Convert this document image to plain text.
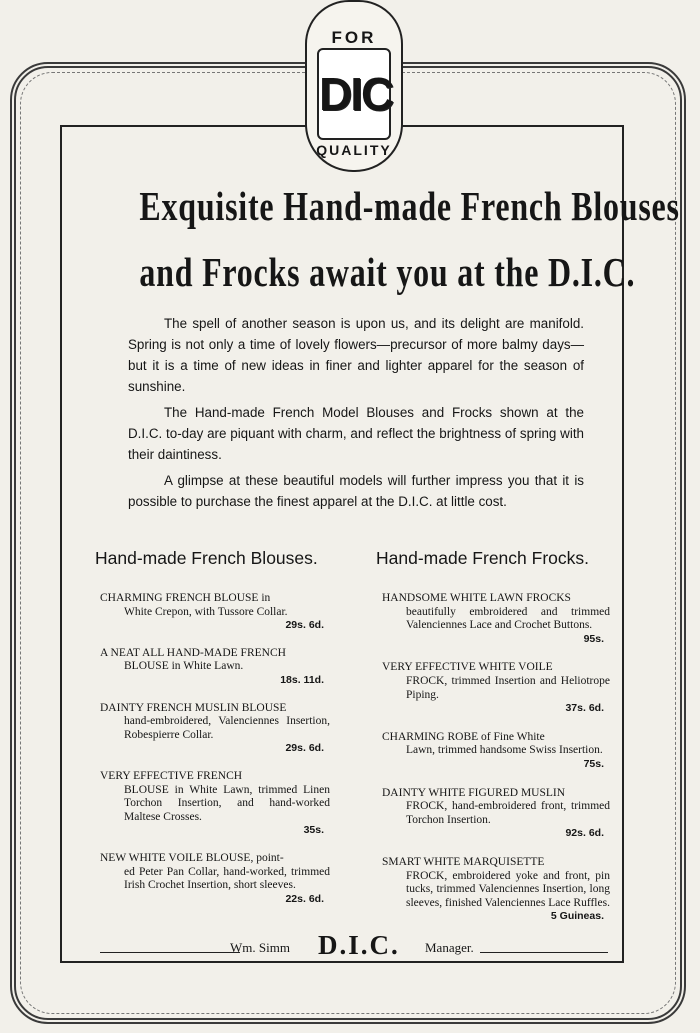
FOR
DIC
QUALITY
Exquisite Hand-made French Blouses
and Frocks await you at the D.I.C.

The spell of another season is upon us, and its delight are manifold. Spring is not only a time of lovely flowers—precursor of more balmy days—but it is a time of new ideas in finer and lighter apparel for the season of sunshine.

The Hand-made French Model Blouses and Frocks shown at the D.I.C. to-day are piquant with charm, and reflect the brightness of spring with their daintiness.

A glimpse at these beautiful models will further impress you that it is possible to purchase the finest apparel at the D.I.C. at little cost.

Hand-made French Blouses.	Hand-made French Frocks.
CHARMING FRENCH BLOUSE in
White Crepon, with Tussore Collar.
29s. 6d.
A NEAT ALL HAND-MADE FRENCH
BLOUSE in White Lawn.
18s. 11d.
DAINTY FRENCH MUSLIN BLOUSE
hand-embroidered, Valenciennes Insertion, Robespierre Collar.
29s. 6d.
VERY EFFECTIVE FRENCH
BLOUSE in White Lawn, trimmed Linen Torchon Insertion, and hand-worked Maltese Crosses.
35s.
NEW WHITE VOILE BLOUSE, point-
ed Peter Pan Collar, hand-worked, trimmed Irish Crochet Insertion, short sleeves.
22s. 6d.
HANDSOME WHITE LAWN FROCKS
beautifully embroidered and trimmed Valenciennes Lace and Crochet Buttons.
95s.
VERY EFFECTIVE WHITE VOILE
FROCK, trimmed Insertion and Heliotrope Piping.
37s. 6d.
CHARMING ROBE of Fine White
Lawn, trimmed handsome Swiss Insertion.
75s.
DAINTY WHITE FIGURED MUSLIN
FROCK, hand-embroidered front, trimmed Torchon Insertion.
92s. 6d.
SMART WHITE MARQUISETTE
FROCK, embroidered yoke and front, pin tucks, trimmed Valenciennes Insertion, long sleeves, finished Valenciennes Lace Ruffles.
5 Guineas.
Wm. Simm D.I.C. Manager.
